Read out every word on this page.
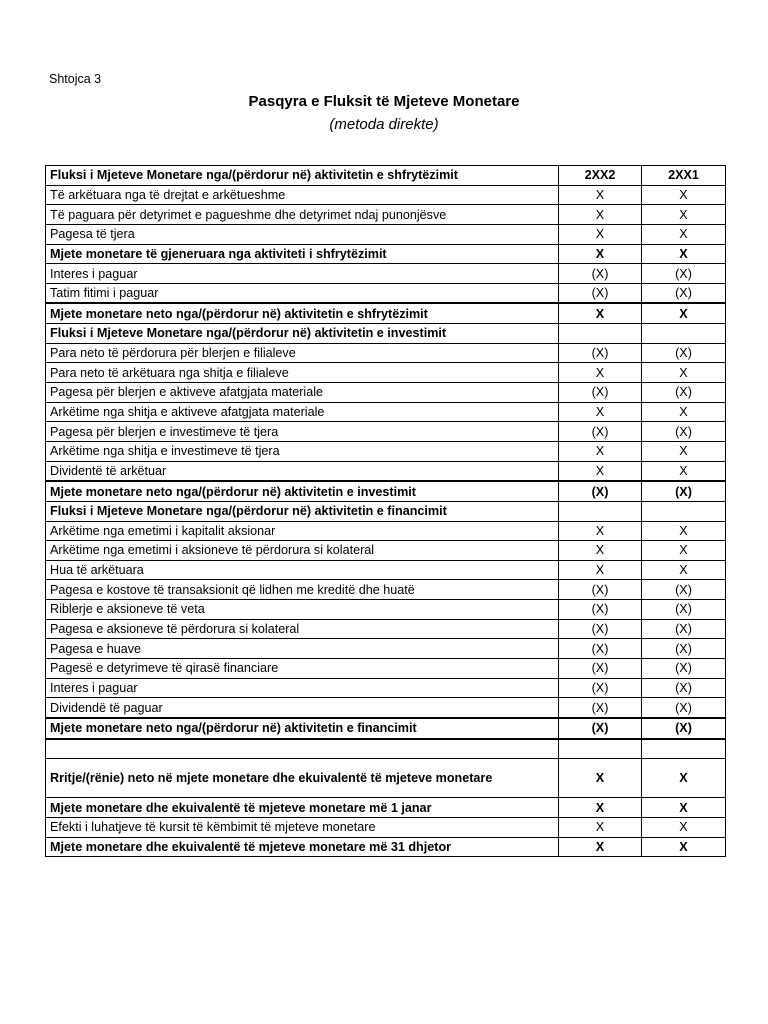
Shtojca 3
Pasqyra e Fluksit të Mjeteve Monetare
(metoda direkte)
Fluksi i Mjeteve Monetare nga/(përdorur në) aktivitetin e shfrytëzimit	2XX2	2XX1
Të arkëtuara nga të drejtat e arkëtueshme	X	X
Të paguara për detyrimet e pagueshme dhe detyrimet ndaj punonjësve	X	X
Pagesa të tjera	X	X
Mjete monetare të gjeneruara nga aktiviteti i shfrytëzimit	X	X
Interes i paguar	(X)	(X)
Tatim fitimi i paguar	(X)	(X)
Mjete monetare neto nga/(përdorur në) aktivitetin e shfrytëzimit	X	X
Fluksi i Mjeteve Monetare nga/(përdorur në) aktivitetin e investimit		
Para neto të përdorura për blerjen e filialeve	(X)	(X)
Para neto të arkëtuara nga shitja e filialeve	X	X
Pagesa për blerjen e aktiveve afatgjata materiale	(X)	(X)
Arkëtime nga shitja e aktiveve afatgjata materiale	X	X
Pagesa për blerjen e investimeve të tjera	(X)	(X)
Arkëtime nga shitja e investimeve të tjera	X	X
Dividentë të arkëtuar	X	X
Mjete monetare neto nga/(përdorur në) aktivitetin e investimit	(X)	(X)
Fluksi i Mjeteve Monetare nga/(përdorur në) aktivitetin e financimit		
Arkëtime nga emetimi i kapitalit aksionar	X	X
Arkëtime nga emetimi i aksioneve të përdorura si kolateral	X	X
Hua të arkëtuara	X	X
Pagesa e kostove të transaksionit që lidhen me kreditë dhe huatë	(X)	(X)
Riblerje e aksioneve të veta	(X)	(X)
Pagesa e aksioneve të përdorura si kolateral	(X)	(X)
Pagesa e huave	(X)	(X)
Pagesë e detyrimeve të qirasë financiare	(X)	(X)
Interes i paguar	(X)	(X)
Dividendë të paguar	(X)	(X)
Mjete monetare neto nga/(përdorur në) aktivitetin e financimit	(X)	(X)

Rritje/(rënie) neto në mjete monetare dhe ekuivalentë të mjeteve monetare	X	X
Mjete monetare dhe ekuivalentë të mjeteve monetare më 1 janar	X	X
Efekti i luhatjeve të kursit të këmbimit të mjeteve monetare	X	X
Mjete monetare dhe ekuivalentë të mjeteve monetare më 31 dhjetor	X	X
